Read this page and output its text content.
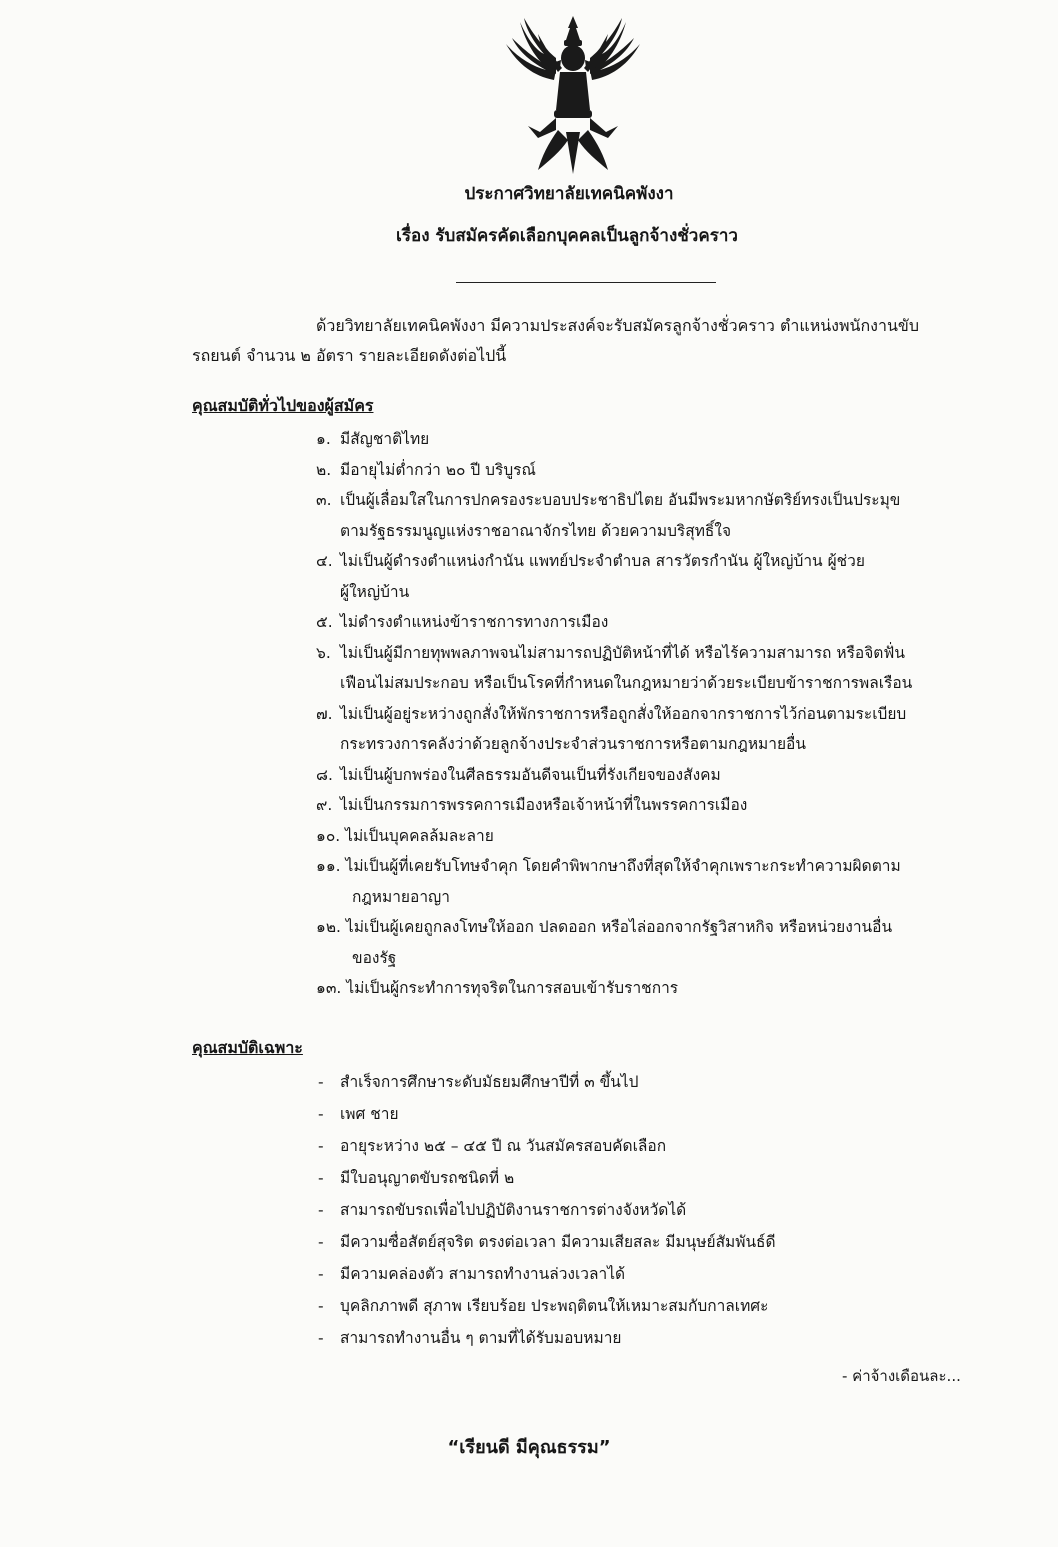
ประกาศวิทยาลัยเทคนิคพังงา
เรื่อง รับสมัครคัดเลือกบุคคลเป็นลูกจ้างชั่วคราว
ด้วยวิทยาลัยเทคนิคพังงา มีความประสงค์จะรับสมัครลูกจ้างชั่วคราว ตำแหน่งพนักงานขับ
รถยนต์ จำนวน ๒ อัตรา รายละเอียดดังต่อไปนี้
คุณสมบัติทั่วไปของผู้สมัคร
๑. มีสัญชาติไทย
๒. มีอายุไม่ต่ำกว่า ๒๐ ปี บริบูรณ์
๓. เป็นผู้เลื่อมใสในการปกครองระบอบประชาธิปไตย อันมีพระมหากษัตริย์ทรงเป็นประมุข
ตามรัฐธรรมนูญแห่งราชอาณาจักรไทย ด้วยความบริสุทธิ์ใจ
๔. ไม่เป็นผู้ดำรงตำแหน่งกำนัน แพทย์ประจำตำบล สารวัตรกำนัน ผู้ใหญ่บ้าน ผู้ช่วย
ผู้ใหญ่บ้าน
๕. ไม่ดำรงตำแหน่งข้าราชการทางการเมือง
๖. ไม่เป็นผู้มีกายทุพพลภาพจนไม่สามารถปฏิบัติหน้าที่ได้ หรือไร้ความสามารถ หรือจิตฟั่น
เฟือนไม่สมประกอบ หรือเป็นโรคที่กำหนดในกฎหมายว่าด้วยระเบียบข้าราชการพลเรือน
๗. ไม่เป็นผู้อยู่ระหว่างถูกสั่งให้พักราชการหรือถูกสั่งให้ออกจากราชการไว้ก่อนตามระเบียบ
กระทรวงการคลังว่าด้วยลูกจ้างประจำส่วนราชการหรือตามกฎหมายอื่น
๘. ไม่เป็นผู้บกพร่องในศีลธรรมอันดีจนเป็นที่รังเกียจของสังคม
๙. ไม่เป็นกรรมการพรรคการเมืองหรือเจ้าหน้าที่ในพรรคการเมือง
๑๐. ไม่เป็นบุคคลล้มละลาย
๑๑. ไม่เป็นผู้ที่เคยรับโทษจำคุก โดยคำพิพากษาถึงที่สุดให้จำคุกเพราะกระทำความผิดตาม
กฎหมายอาญา
๑๒. ไม่เป็นผู้เคยถูกลงโทษให้ออก ปลดออก หรือไล่ออกจากรัฐวิสาหกิจ หรือหน่วยงานอื่น
ของรัฐ
๑๓. ไม่เป็นผู้กระทำการทุจริตในการสอบเข้ารับราชการ
คุณสมบัติเฉพาะ
- สำเร็จการศึกษาระดับมัธยมศึกษาปีที่ ๓ ขึ้นไป
- เพศ ชาย
- อายุระหว่าง ๒๕ – ๔๕ ปี ณ วันสมัครสอบคัดเลือก
- มีใบอนุญาตขับรถชนิดที่ ๒
- สามารถขับรถเพื่อไปปฏิบัติงานราชการต่างจังหวัดได้
- มีความซื่อสัตย์สุจริต ตรงต่อเวลา มีความเสียสละ มีมนุษย์สัมพันธ์ดี
- มีความคล่องตัว สามารถทำงานล่วงเวลาได้
- บุคลิกภาพดี สุภาพ เรียบร้อย ประพฤติตนให้เหมาะสมกับกาลเทศะ
- สามารถทำงานอื่น ๆ ตามที่ได้รับมอบหมาย
- ค่าจ้างเดือนละ...
“เรียนดี มีคุณธรรม”
